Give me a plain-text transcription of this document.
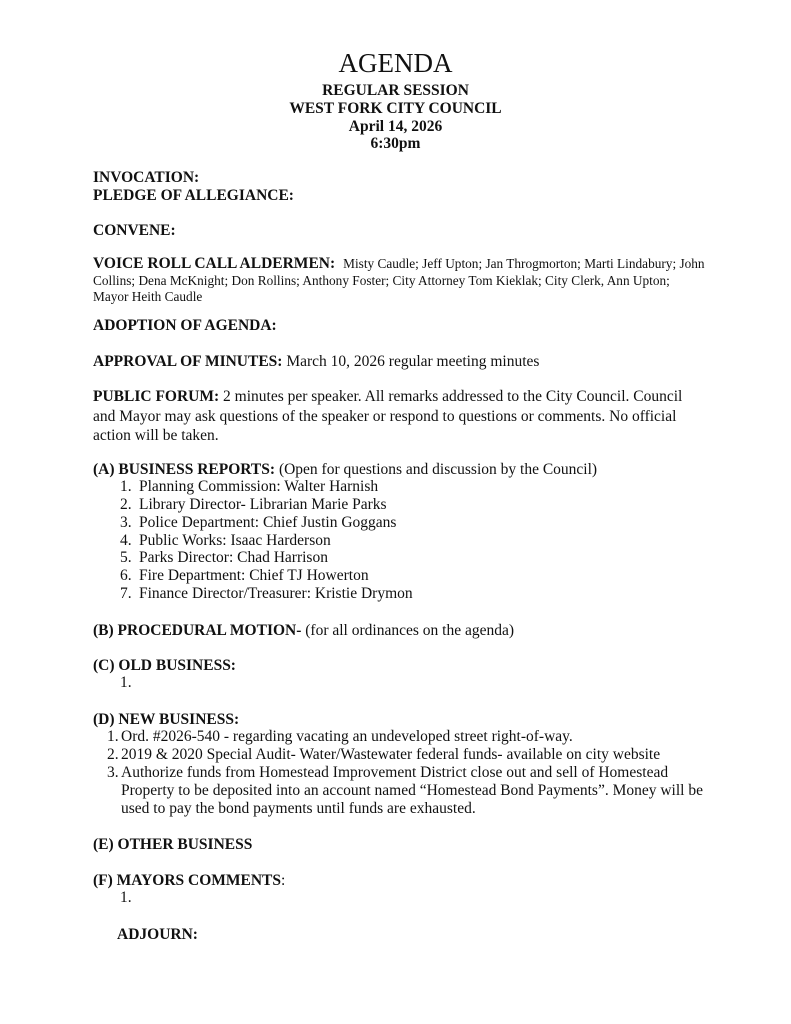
AGENDA
REGULAR SESSION
WEST FORK CITY COUNCIL
April 14, 2026
6:30pm
INVOCATION:
PLEDGE OF ALLEGIANCE:
CONVENE:
VOICE ROLL CALL ALDERMEN: Misty Caudle; Jeff Upton; Jan Throgmorton; Marti Lindabury; John Collins; Dena McKnight; Don Rollins; Anthony Foster; City Attorney Tom Kieklak; City Clerk, Ann Upton; Mayor Heith Caudle
ADOPTION OF AGENDA:
APPROVAL OF MINUTES: March 10, 2026 regular meeting minutes
PUBLIC FORUM: 2 minutes per speaker. All remarks addressed to the City Council. Council and Mayor may ask questions of the speaker or respond to questions or comments. No official action will be taken.
(A) BUSINESS REPORTS: (Open for questions and discussion by the Council)
1. Planning Commission: Walter Harnish
2. Library Director- Librarian Marie Parks
3. Police Department: Chief Justin Goggans
4. Public Works: Isaac Harderson
5. Parks Director: Chad Harrison
6. Fire Department: Chief TJ Howerton
7. Finance Director/Treasurer: Kristie Drymon
(B) PROCEDURAL MOTION- (for all ordinances on the agenda)
(C) OLD BUSINESS:
1.
(D) NEW BUSINESS:
1. Ord. #2026-540 - regarding vacating an undeveloped street right-of-way.
2. 2019 & 2020 Special Audit- Water/Wastewater federal funds- available on city website
3. Authorize funds from Homestead Improvement District close out and sell of Homestead Property to be deposited into an account named “Homestead Bond Payments”. Money will be used to pay the bond payments until funds are exhausted.
(E) OTHER BUSINESS
(F) MAYORS COMMENTS:
1.
ADJOURN:
